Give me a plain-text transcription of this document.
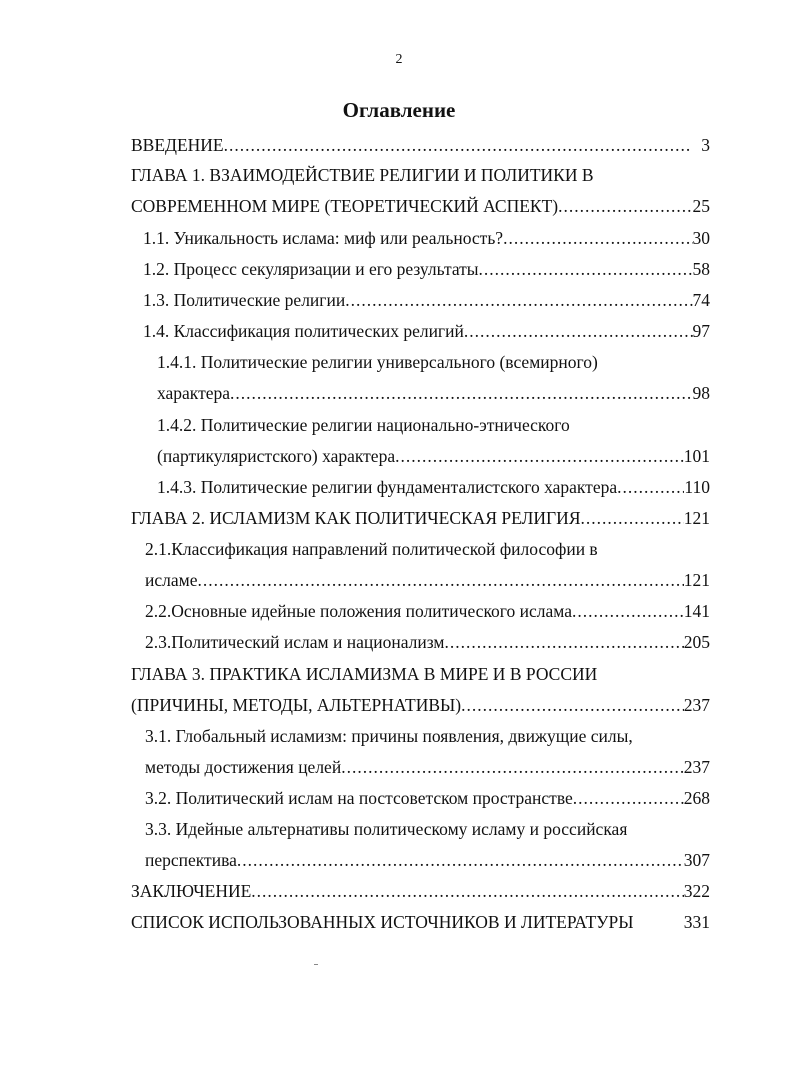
2
Оглавление
ВВЕДЕНИЕ .....	3
ГЛАВА 1. ВЗАИМОДЕЙСТВИЕ РЕЛИГИИ И ПОЛИТИКИ В
СОВРЕМЕННОМ МИРЕ (ТЕОРЕТИЧЕСКИЙ АСПЕКТ) .....	25
1.1. Уникальность ислама: миф или реальность? .....	30
1.2. Процесс секуляризации и его результаты .....	58
1.3. Политические религии .....	74
1.4. Классификация политических религий .....	97
1.4.1. Политические религии универсального (всемирного)
характера .....	98
1.4.2. Политические религии национально-этнического
(партикуляристского) характера .....	101
1.4.3. Политические религии фундаменталистского характера .....	110
ГЛАВА 2. ИСЛАМИЗМ КАК ПОЛИТИЧЕСКАЯ РЕЛИГИЯ .....	121
2.1.Классификация направлений политической философии в
исламе .....	121
2.2.Основные идейные положения политического ислама .....	141
2.3.Политический ислам и национализм .....	205
ГЛАВА 3. ПРАКТИКА ИСЛАМИЗМА В МИРЕ И В РОССИИ
(ПРИЧИНЫ, МЕТОДЫ, АЛЬТЕРНАТИВЫ) .....	237
3.1. Глобальный исламизм: причины появления, движущие силы,
методы достижения целей .....	237
3.2. Политический ислам на постсоветском пространстве .....	268
3.3. Идейные альтернативы политическому исламу и российская
перспектива .....	307
ЗАКЛЮЧЕНИЕ .....	322
СПИСОК ИСПОЛЬЗОВАННЫХ ИСТОЧНИКОВ И ЛИТЕРАТУРЫ	331
